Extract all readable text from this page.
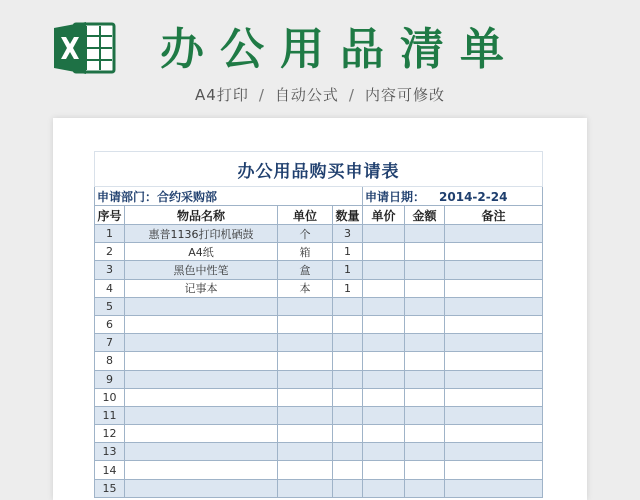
办公用品清单
A4打印 / 自动公式 / 内容可修改
办公用品购买申请表						
申请部门：合约采购部				申请日期： 2014-2-24		
序号	物品名称	单位	数量	单价	金额	备注
1	惠普1136打印机硒鼓	个	3			
2	A4纸	箱	1			
3	黑色中性笔	盒	1			
4	记事本	本	1			
5						
6						
7						
8						
9						
10						
11						
12						
13						
14						
15						
